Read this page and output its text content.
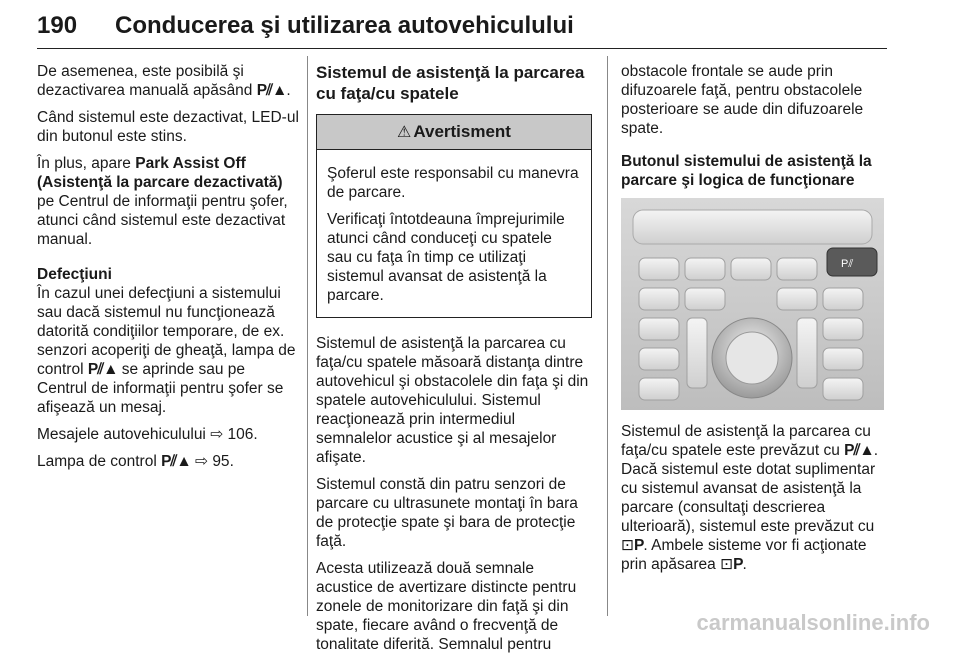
190	Conducerea şi utilizarea autovehiculului

De asemenea, este posibilă şi dezactivarea manuală apăsând P⫽▲.

Când sistemul este dezactivat, LED-ul din butonul este stins.

În plus, apare Park Assist Off (Asistenţă la parcare dezactivată) pe Centrul de informaţii pentru şofer, atunci când sistemul este dezactivat manual.

Defecţiuni
În cazul unei defecţiuni a sistemului sau dacă sistemul nu funcţionează datorită condiţiilor temporare, de ex. senzori acoperiţi de gheaţă, lampa de control P⫽▲ se aprinde sau pe Centrul de informaţii pentru şofer se afişează un mesaj.

Mesajele autovehiculului ⇨ 106.

Lampa de control P⫽▲ ⇨ 95.

Sistemul de asistenţă la parcarea cu faţa/cu spatele
⚠ Avertisment

Şoferul este responsabil cu manevra de parcare.

Verificaţi întotdeauna împrejurimile atunci când conduceţi cu spatele sau cu faţa în timp ce utilizaţi sistemul avansat de asistenţă la parcare.

Sistemul de asistenţă la parcarea cu faţa/cu spatele măsoară distanţa dintre autovehicul şi obstacolele din faţa şi din spatele autovehiculului. Sistemul reacţionează prin intermediul semnalelor acustice şi al mesajelor afişate.

Sistemul constă din patru senzori de parcare cu ultrasunete montaţi în bara de protecţie spate şi bara de protecţie faţă.

Acesta utilizează două semnale acustice de avertizare distincte pentru zonele de monitorizare din faţă şi din spate, fiecare având o frecvenţă de tonalitate diferită. Semnalul pentru

obstacole frontale se aude prin difuzoarele faţă, pentru obstacolele posterioare se aude din difuzoarele spate.

Butonul sistemului de asistenţă la parcare şi logica de funcţionare

P⫽

Sistemul de asistenţă la parcarea cu faţa/cu spatele este prevăzut cu P⫽▲. Dacă sistemul este dotat suplimentar cu sistemul avansat de asistenţă la parcare (consultaţi descrierea ulterioară), sistemul este prevăzut cu ⊡P. Ambele sisteme vor fi acţionate prin apăsarea ⊡P.

carmanualsonline.info
